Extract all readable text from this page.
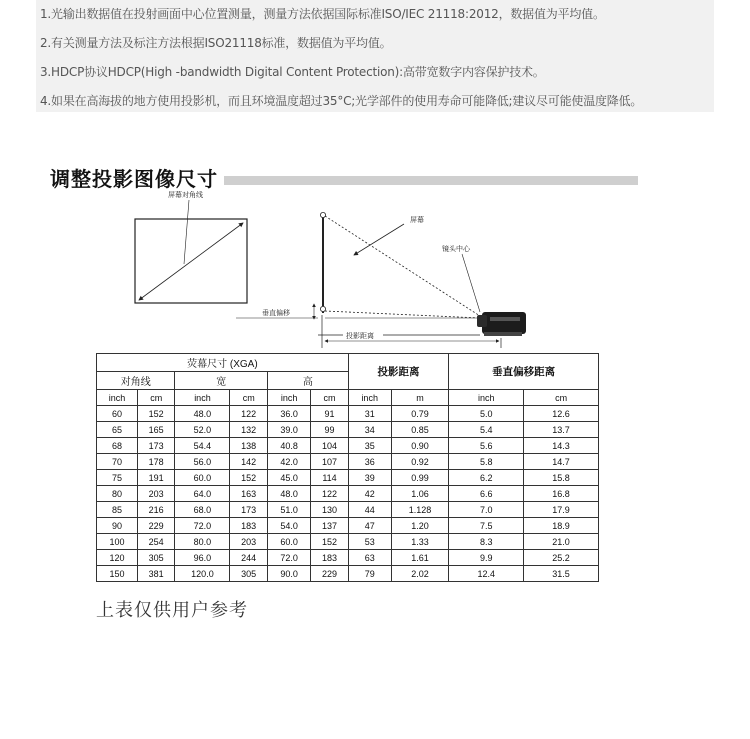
1.光输出数据值在投射画面中心位置测量，测量方法依据国际标准ISO/IEC 21118:2012，数据值为平均值。
2.有关测量方法及标注方法根据ISO21118标准，数据值为平均值。
3.HDCP协议HDCP(High -bandwidth Digital Content Protection):高带宽数字内容保护技术。
4.如果在高海拔的地方使用投影机，而且环境温度超过35°C;光学部件的使用寿命可能降低;建议尽可能使温度降低。
调整投影图像尺寸
屏幕对角线
屏幕
镜头中心
垂直偏移
投影距离
荧幕尺寸 (XGA)						投影距离		垂直偏移距离	
对角线		宽		高					
inch	cm	inch	cm	inch	cm	inch	m	inch	cm
60	152	48.0	122	36.0	91	31	0.79	5.0	12.6
65	165	52.0	132	39.0	99	34	0.85	5.4	13.7
68	173	54.4	138	40.8	104	35	0.90	5.6	14.3
70	178	56.0	142	42.0	107	36	0.92	5.8	14.7
75	191	60.0	152	45.0	114	39	0.99	6.2	15.8
80	203	64.0	163	48.0	122	42	1.06	6.6	16.8
85	216	68.0	173	51.0	130	44	1.128	7.0	17.9
90	229	72.0	183	54.0	137	47	1.20	7.5	18.9
100	254	80.0	203	60.0	152	53	1.33	8.3	21.0
120	305	96.0	244	72.0	183	63	1.61	9.9	25.2
150	381	120.0	305	90.0	229	79	2.02	12.4	31.5
上表仅供用户参考
